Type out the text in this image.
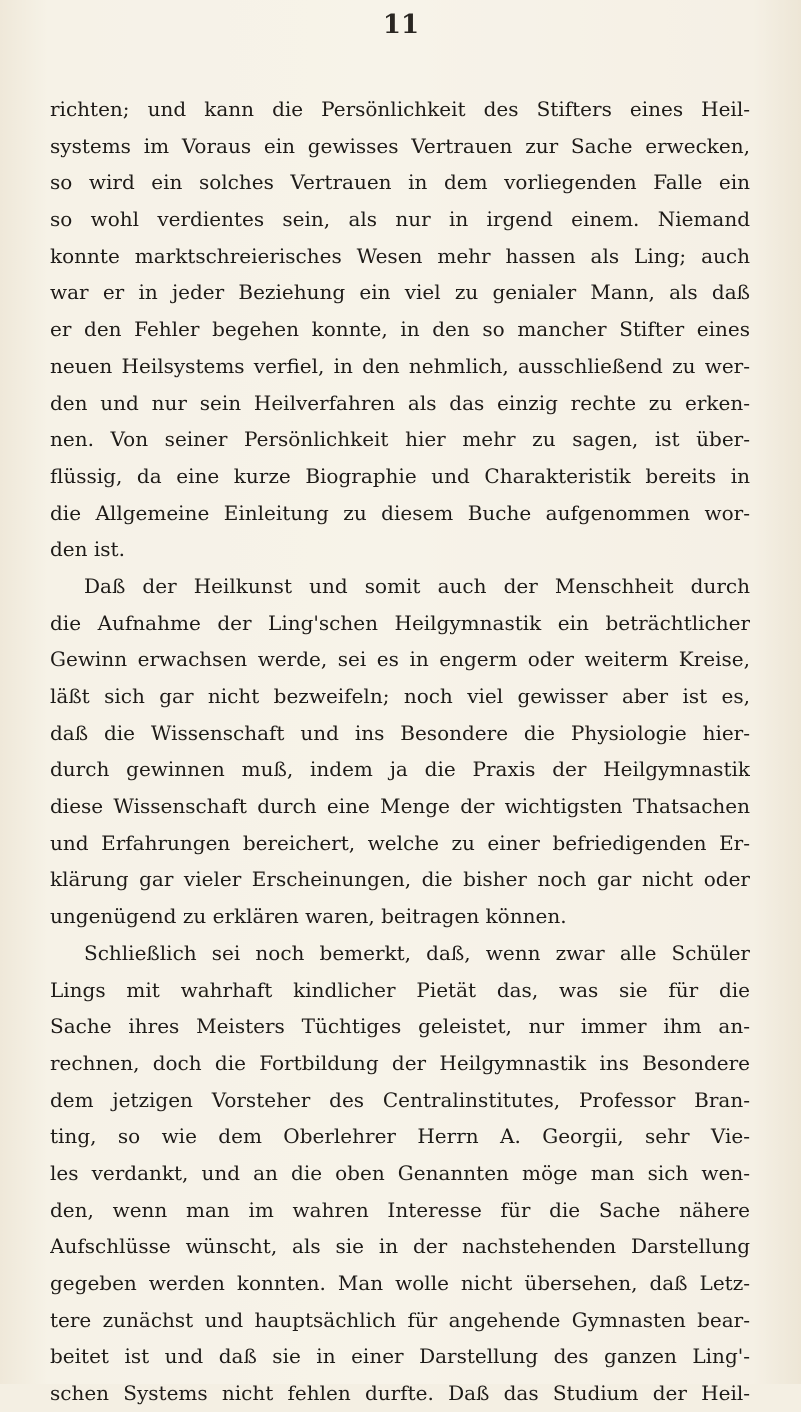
11
richten; und kann die Persönlichkeit des Stifters eines Heil-
systems im Voraus ein gewisses Vertrauen zur Sache erwecken,
so wird ein solches Vertrauen in dem vorliegenden Falle ein
so wohl verdientes sein, als nur in irgend einem. Niemand
konnte marktschreierisches Wesen mehr hassen als Ling; auch
war er in jeder Beziehung ein viel zu genialer Mann, als daß
er den Fehler begehen konnte, in den so mancher Stifter eines
neuen Heilsystems verfiel, in den nehmlich, ausschließend zu wer-
den und nur sein Heilverfahren als das einzig rechte zu erken-
nen. Von seiner Persönlichkeit hier mehr zu sagen, ist über-
flüssig, da eine kurze Biographie und Charakteristik bereits in
die Allgemeine Einleitung zu diesem Buche aufgenommen wor-
den ist.
Daß der Heilkunst und somit auch der Menschheit durch
die Aufnahme der Ling'schen Heilgymnastik ein beträchtlicher
Gewinn erwachsen werde, sei es in engerm oder weiterm Kreise,
läßt sich gar nicht bezweifeln; noch viel gewisser aber ist es,
daß die Wissenschaft und ins Besondere die Physiologie hier-
durch gewinnen muß, indem ja die Praxis der Heilgymnastik
diese Wissenschaft durch eine Menge der wichtigsten Thatsachen
und Erfahrungen bereichert, welche zu einer befriedigenden Er-
klärung gar vieler Erscheinungen, die bisher noch gar nicht oder
ungenügend zu erklären waren, beitragen können.
Schließlich sei noch bemerkt, daß, wenn zwar alle Schüler
Lings mit wahrhaft kindlicher Pietät das, was sie für die
Sache ihres Meisters Tüchtiges geleistet, nur immer ihm an-
rechnen, doch die Fortbildung der Heilgymnastik ins Besondere
dem jetzigen Vorsteher des Centralinstitutes, Professor Bran-
ting, so wie dem Oberlehrer Herrn A. Georgii, sehr Vie-
les verdankt, und an die oben Genannten möge man sich wen-
den, wenn man im wahren Interesse für die Sache nähere
Aufschlüsse wünscht, als sie in der nachstehenden Darstellung
gegeben werden konnten. Man wolle nicht übersehen, daß Letz-
tere zunächst und hauptsächlich für angehende Gymnasten bear-
beitet ist und daß sie in einer Darstellung des ganzen Ling'-
schen Systems nicht fehlen durfte. Daß das Studium der Heil-
